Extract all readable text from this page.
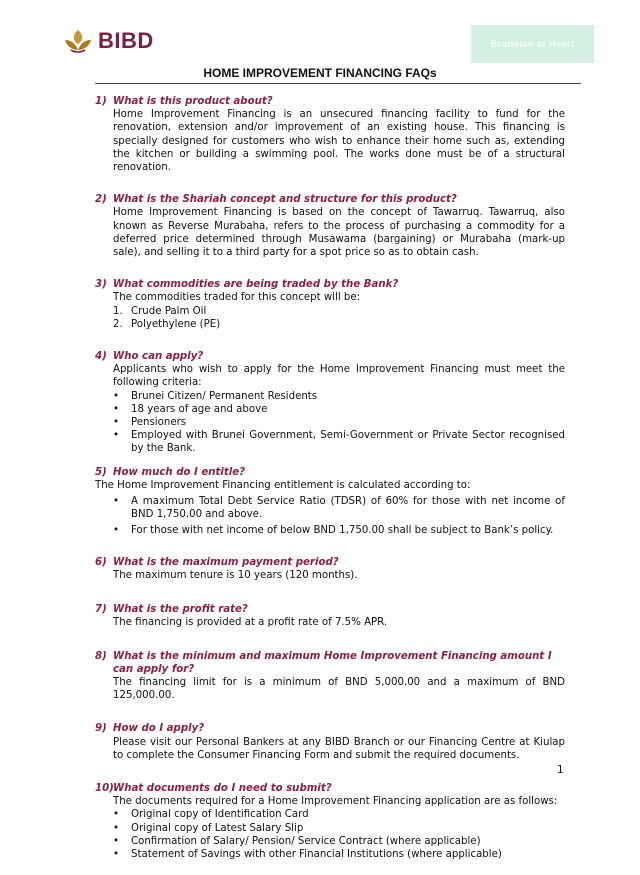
BIBD	Bruneian at Heart
HOME IMPROVEMENT FINANCING FAQs
1) What is this product about?
Home Improvement Financing is an unsecured financing facility to fund for the renovation, extension and/or improvement of an existing house. This financing is specially designed for customers who wish to enhance their home such as, extending the kitchen or building a swimming pool. The works done must be of a structural renovation.
2) What is the Shariah concept and structure for this product?
Home Improvement Financing is based on the concept of Tawarruq. Tawarruq, also known as Reverse Murabaha, refers to the process of purchasing a commodity for a deferred price determined through Musawama (bargaining) or Murabaha (mark-up sale), and selling it to a third party for a spot price so as to obtain cash.
3) What commodities are being traded by the Bank?
The commodities traded for this concept will be:
1. Crude Palm Oil
2. Polyethylene (PE)
4) Who can apply?
Applicants who wish to apply for the Home Improvement Financing must meet the following criteria:
•	Brunei Citizen/ Permanent Residents
•	18 years of age and above
•	Pensioners
•	Employed with Brunei Government, Semi-Government or Private Sector recognised by the Bank.
5) How much do I entitle?
The Home Improvement Financing entitlement is calculated according to:
•	A maximum Total Debt Service Ratio (TDSR) of 60% for those with net income of BND 1,750.00 and above.
•	For those with net income of below BND 1,750.00 shall be subject to Bank’s policy.
6) What is the maximum payment period?
The maximum tenure is 10 years (120 months).
7) What is the profit rate?
The financing is provided at a profit rate of 7.5% APR.
8) What is the minimum and maximum Home Improvement Financing amount I can apply for?
The financing limit for is a minimum of BND 5,000.00 and a maximum of BND 125,000.00.
9) How do I apply?
Please visit our Personal Bankers at any BIBD Branch or our Financing Centre at Kiulap to complete the Consumer Financing Form and submit the required documents.
10) What documents do I need to submit?
The documents required for a Home Improvement Financing application are as follows:
•	Original copy of Identification Card
•	Original copy of Latest Salary Slip
•	Confirmation of Salary/ Pension/ Service Contract (where applicable)
•	Statement of Savings with other Financial Institutions (where applicable)
1
